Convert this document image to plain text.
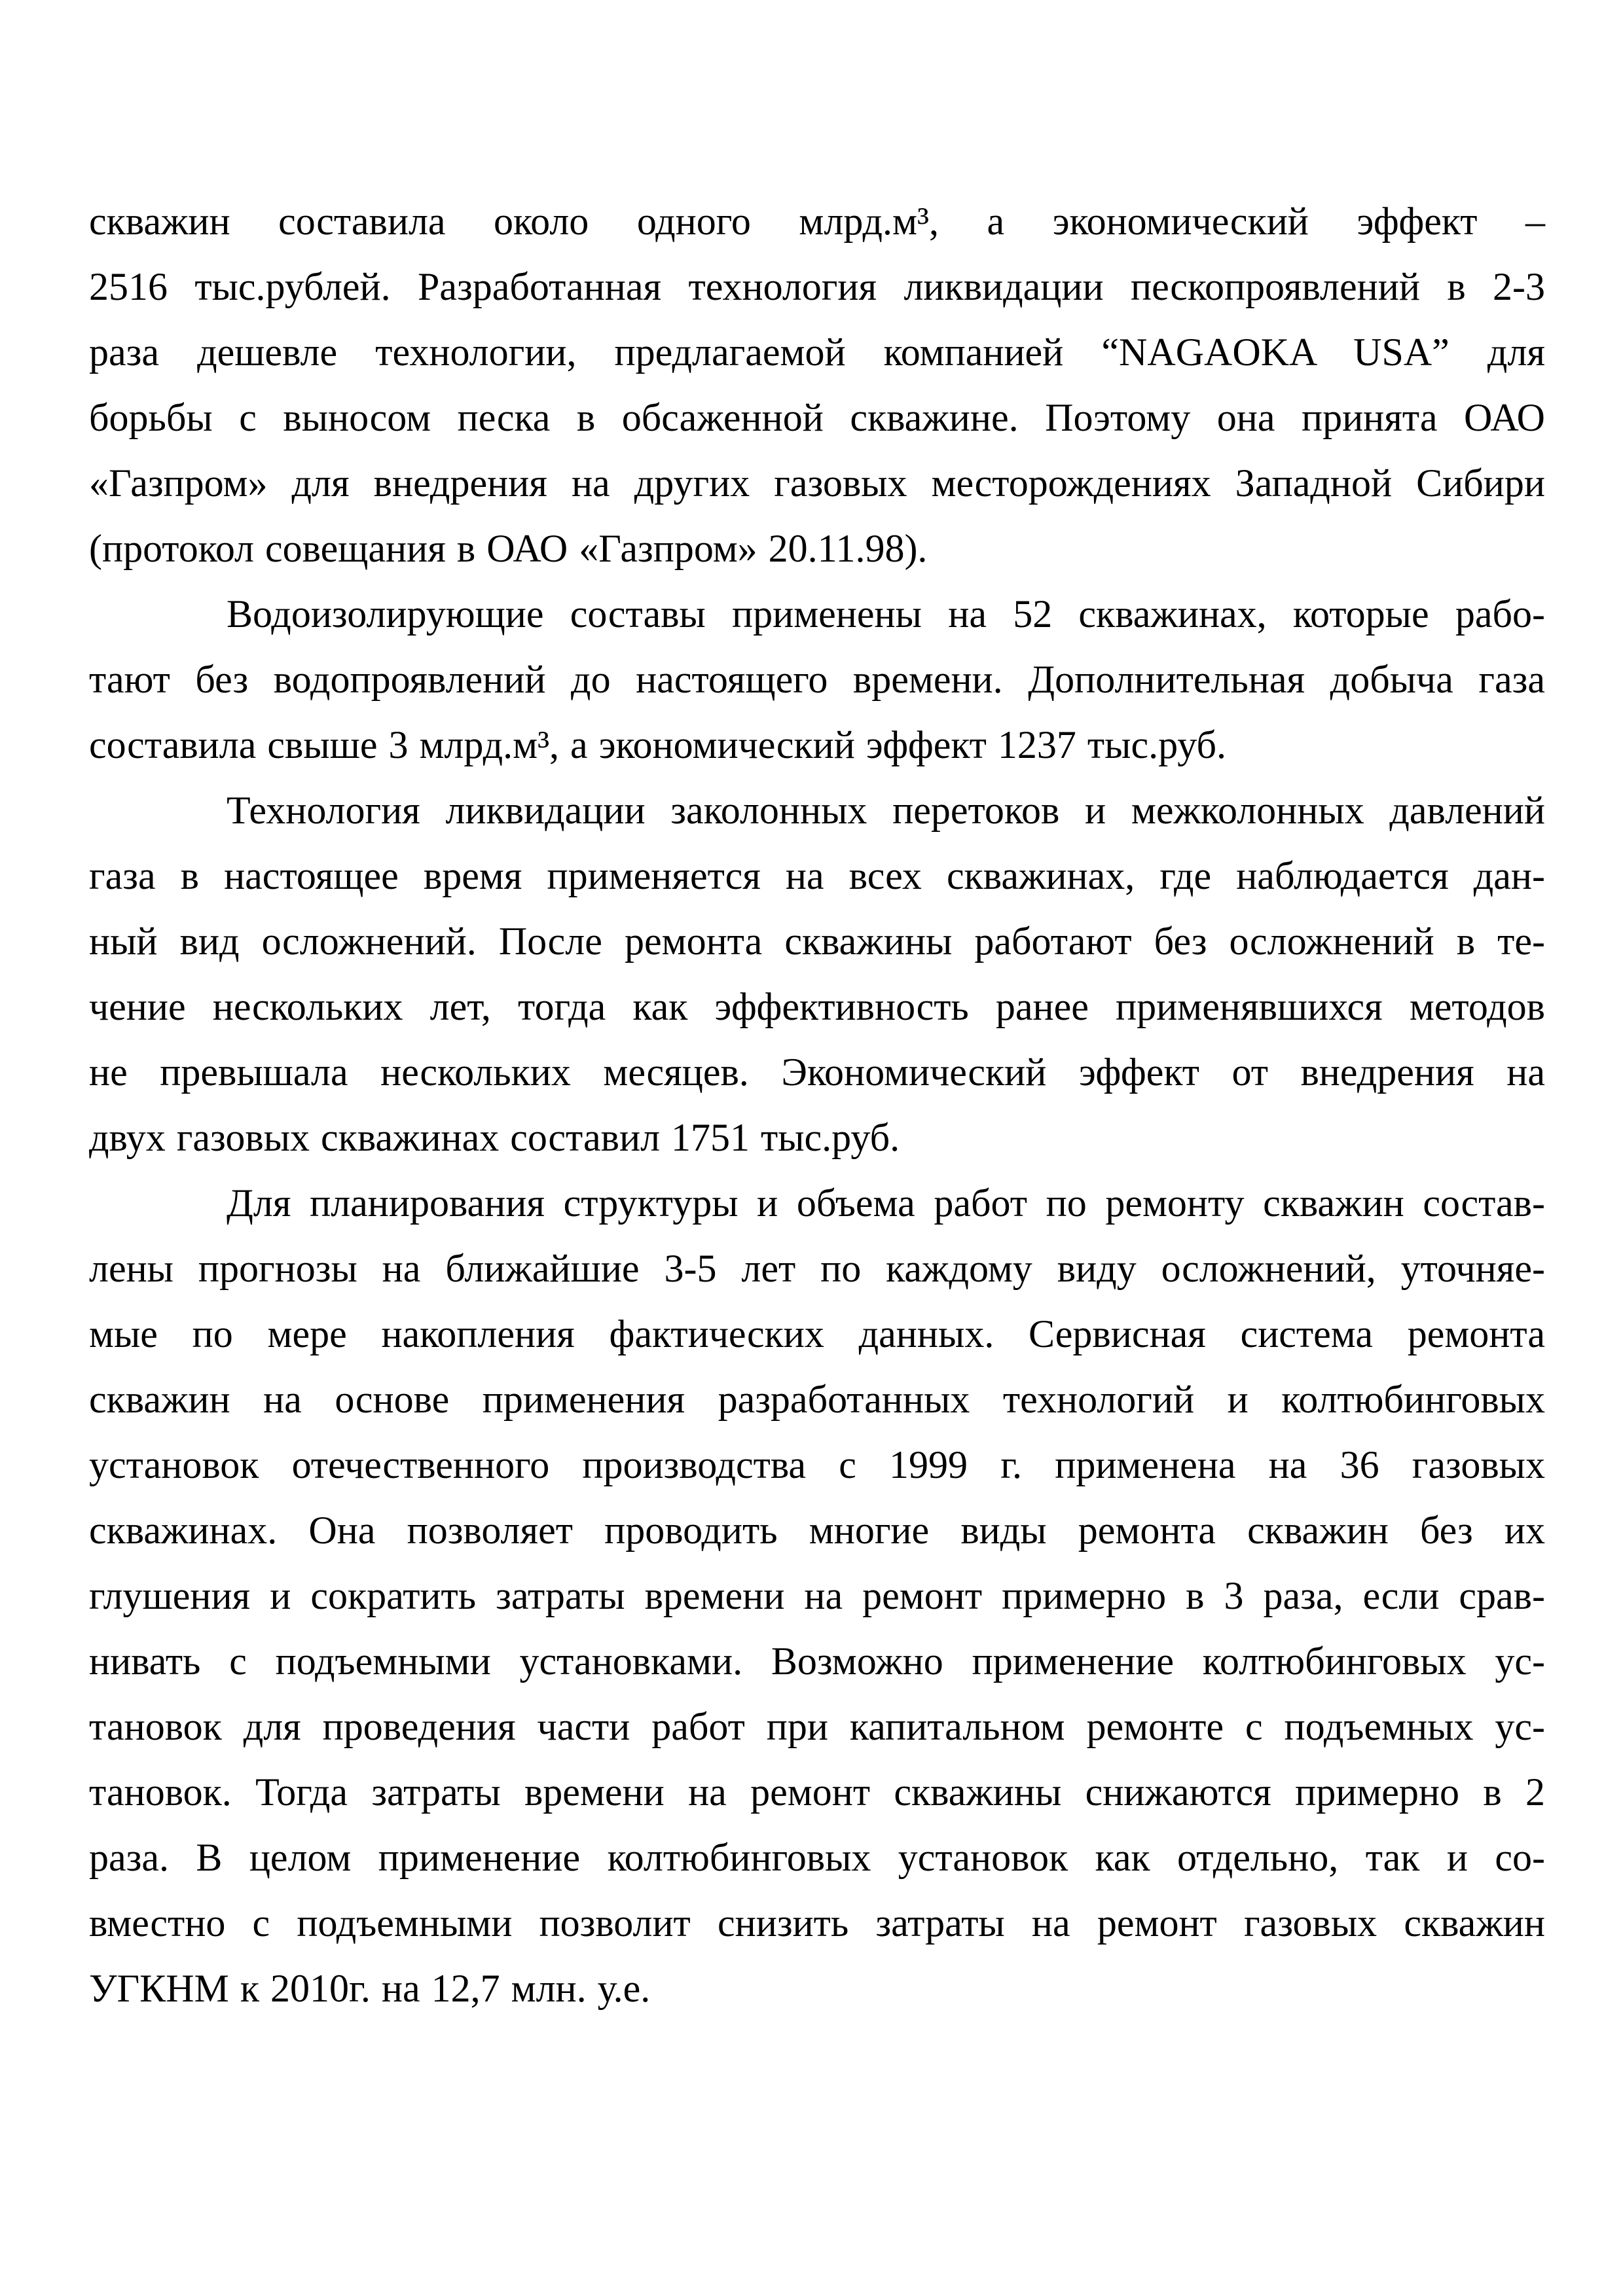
скважин составила около одного млрд.м³, а экономический эффект –
2516 тыс.рублей. Разработанная технология ликвидации пескопроявлений в 2-3
раза дешевле технологии, предлагаемой компанией “NAGAOKA USA” для
борьбы с выносом песка в обсаженной скважине. Поэтому она принята ОАО
«Газпром» для внедрения на других газовых месторождениях Западной Сибири
(протокол совещания в ОАО «Газпром» 20.11.98).
Водоизолирующие составы применены на 52 скважинах, которые рабо-
тают без водопроявлений до настоящего времени. Дополнительная добыча газа
составила свыше 3 млрд.м³, а экономический эффект 1237 тыс.руб.
Технология ликвидации заколонных перетоков и межколонных давлений
газа в настоящее время применяется на всех скважинах, где наблюдается дан-
ный вид осложнений. После ремонта скважины работают без осложнений в те-
чение нескольких лет, тогда как эффективность ранее применявшихся методов
не превышала нескольких месяцев. Экономический эффект от внедрения на
двух газовых скважинах составил 1751 тыс.руб.
Для планирования структуры и объема работ по ремонту скважин состав-
лены прогнозы на ближайшие 3-5 лет по каждому виду осложнений, уточняе-
мые по мере накопления фактических данных. Сервисная система ремонта
скважин на основе применения разработанных технологий и колтюбинговых
установок отечественного производства с 1999 г. применена на 36 газовых
скважинах. Она позволяет проводить многие виды ремонта скважин без их
глушения и сократить затраты времени на ремонт примерно в 3 раза, если срав-
нивать с подъемными установками. Возможно применение колтюбинговых ус-
тановок для проведения части работ при капитальном ремонте с подъемных ус-
тановок. Тогда затраты времени на ремонт скважины снижаются примерно в 2
раза. В целом применение колтюбинговых установок как отдельно, так и со-
вместно с подъемными позволит снизить затраты на ремонт газовых скважин
УГКНМ к 2010г. на 12,7 млн. у.е.
